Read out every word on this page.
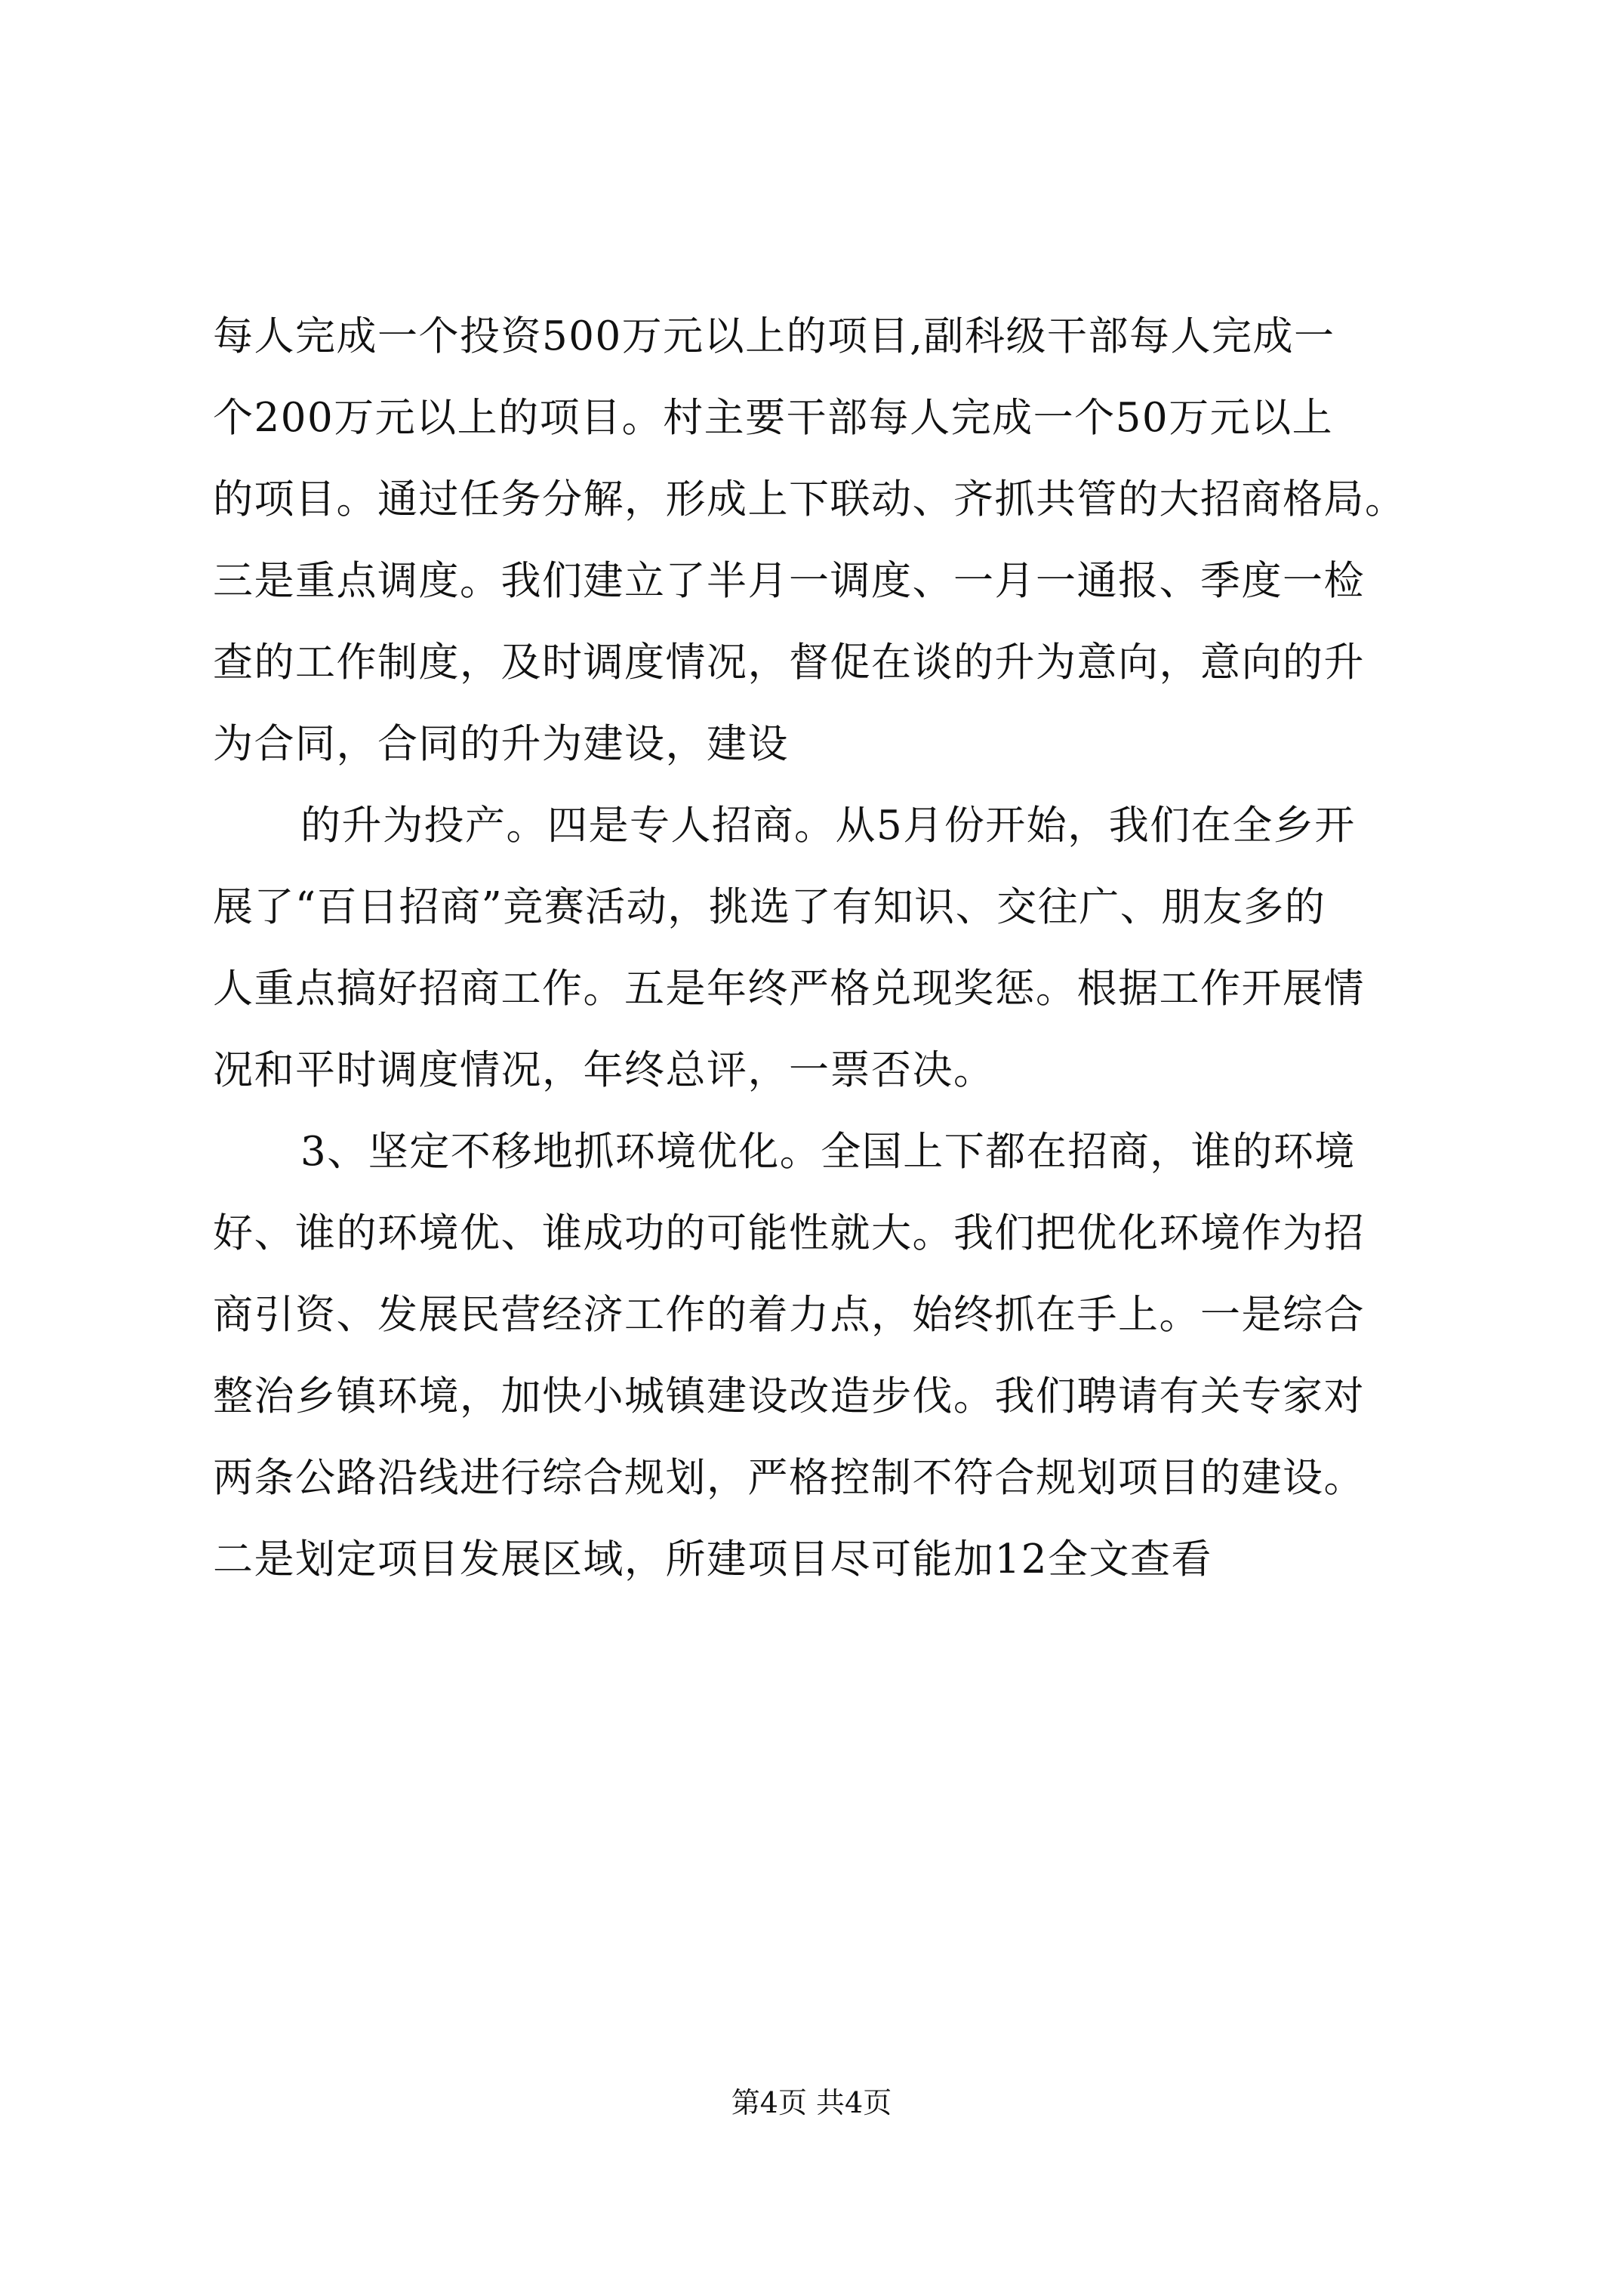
每人完成一个投资500万元以上的项目,副科级干部每人完成一
个200万元以上的项目。村主要干部每人完成一个50万元以上
的项目。通过任务分解，形成上下联动、齐抓共管的大招商格局。
三是重点调度。我们建立了半月一调度、一月一通报、季度一检
查的工作制度，及时调度情况，督促在谈的升为意向，意向的升
为合同，合同的升为建设，建设
的升为投产。四是专人招商。从5月份开始，我们在全乡开
展了“百日招商”竞赛活动，挑选了有知识、交往广、朋友多的
人重点搞好招商工作。五是年终严格兑现奖惩。根据工作开展情
况和平时调度情况，年终总评，一票否决。
3、坚定不移地抓环境优化。全国上下都在招商，谁的环境
好、谁的环境优、谁成功的可能性就大。我们把优化环境作为招
商引资、发展民营经济工作的着力点，始终抓在手上。一是综合
整治乡镇环境，加快小城镇建设改造步伐。我们聘请有关专家对
两条公路沿线进行综合规划，严格控制不符合规划项目的建设。
二是划定项目发展区域，所建项目尽可能加12全文查看
第4页 共4页
